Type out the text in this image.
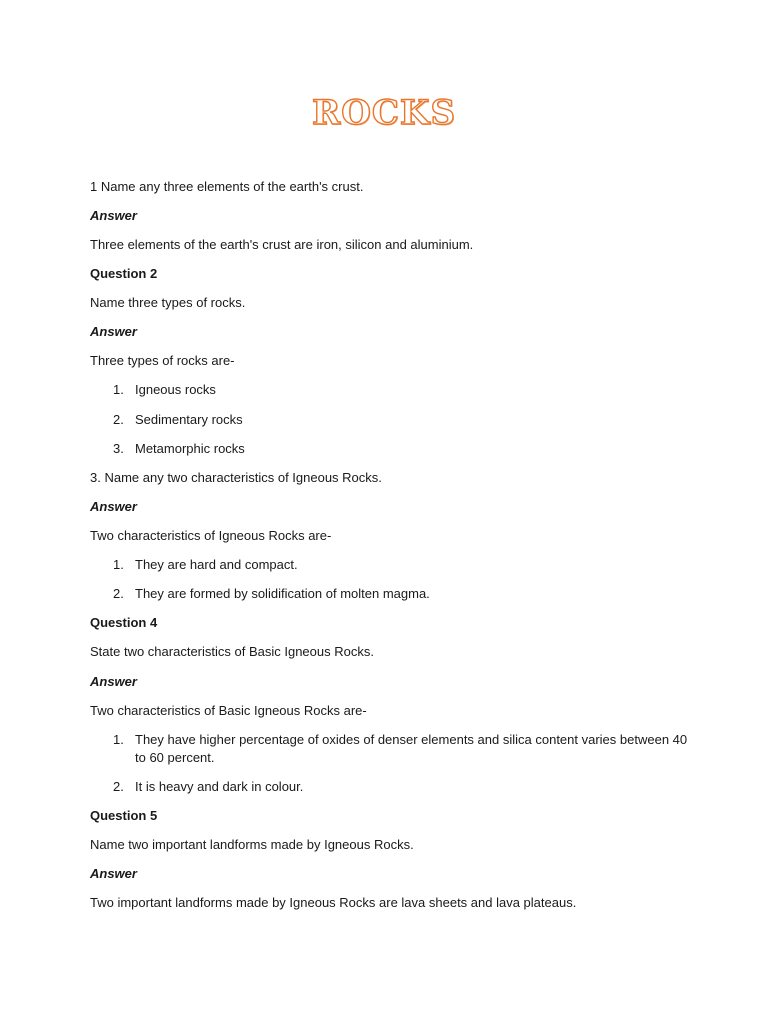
ROCKS
1 Name any three elements of the earth's crust.
Answer
Three elements of the earth's crust are iron, silicon and aluminium.
Question 2
Name three types of rocks.
Answer
Three types of rocks are-
1. Igneous rocks
2. Sedimentary rocks
3. Metamorphic rocks
3. Name any two characteristics of Igneous Rocks.
Answer
Two characteristics of Igneous Rocks are-
1. They are hard and compact.
2. They are formed by solidification of molten magma.
Question 4
State two characteristics of Basic Igneous Rocks.
Answer
Two characteristics of Basic Igneous Rocks are-
1. They have higher percentage of oxides of denser elements and silica content varies between 40 to 60 percent.
2. It is heavy and dark in colour.
Question 5
Name two important landforms made by Igneous Rocks.
Answer
Two important landforms made by Igneous Rocks are lava sheets and lava plateaus.
